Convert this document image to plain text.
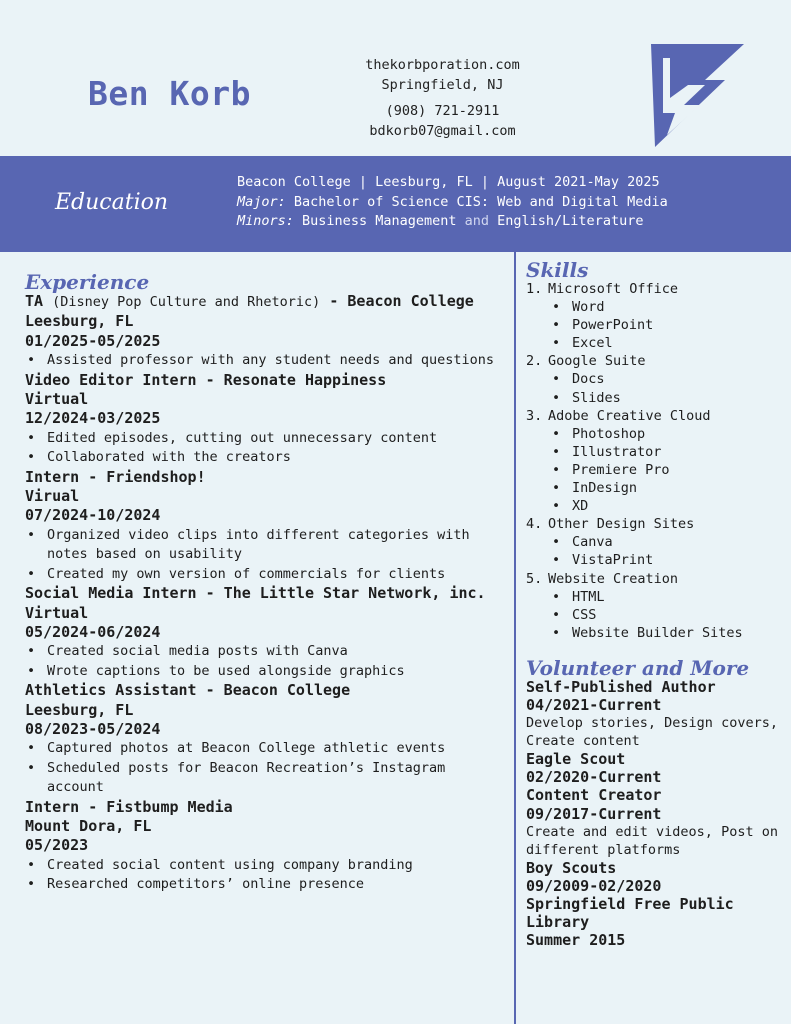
Ben Korb
thekorbporation.com
Springfield, NJ
(908) 721-2911
bdkorb07@gmail.com
Education
Beacon College | Leesburg, FL | August 2021-May 2025
Major: Bachelor of Science CIS: Web and Digital Media
Minors: Business Management and English/Literature
Experience
TA (Disney Pop Culture and Rhetoric) - Beacon College
Leesburg, FL
01/2025-05/2025
• Assisted professor with any student needs and questions
Video Editor Intern - Resonate Happiness
Virtual
12/2024-03/2025
• Edited episodes, cutting out unnecessary content
• Collaborated with the creators
Intern - Friendshop!
Virual
07/2024-10/2024
• Organized video clips into different categories with notes based on usability
• Created my own version of commercials for clients
Social Media Intern - The Little Star Network, inc.
Virtual
05/2024-06/2024
• Created social media posts with Canva
• Wrote captions to be used alongside graphics
Athletics Assistant - Beacon College
Leesburg, FL
08/2023-05/2024
• Captured photos at Beacon College athletic events
• Scheduled posts for Beacon Recreation’s Instagram account
Intern - Fistbump Media
Mount Dora, FL
05/2023
• Created social content using company branding
• Researched competitors’ online presence
Skills
1. Microsoft Office
• Word
• PowerPoint
• Excel
2. Google Suite
• Docs
• Slides
3. Adobe Creative Cloud
• Photoshop
• Illustrator
• Premiere Pro
• InDesign
• XD
4. Other Design Sites
• Canva
• VistaPrint
5. Website Creation
• HTML
• CSS
• Website Builder Sites
Volunteer and More
Self-Published Author
04/2021-Current
Develop stories, Design covers, Create content
Eagle Scout
02/2020-Current
Content Creator
09/2017-Current
Create and edit videos, Post on different platforms
Boy Scouts
09/2009-02/2020
Springfield Free Public Library
Summer 2015
